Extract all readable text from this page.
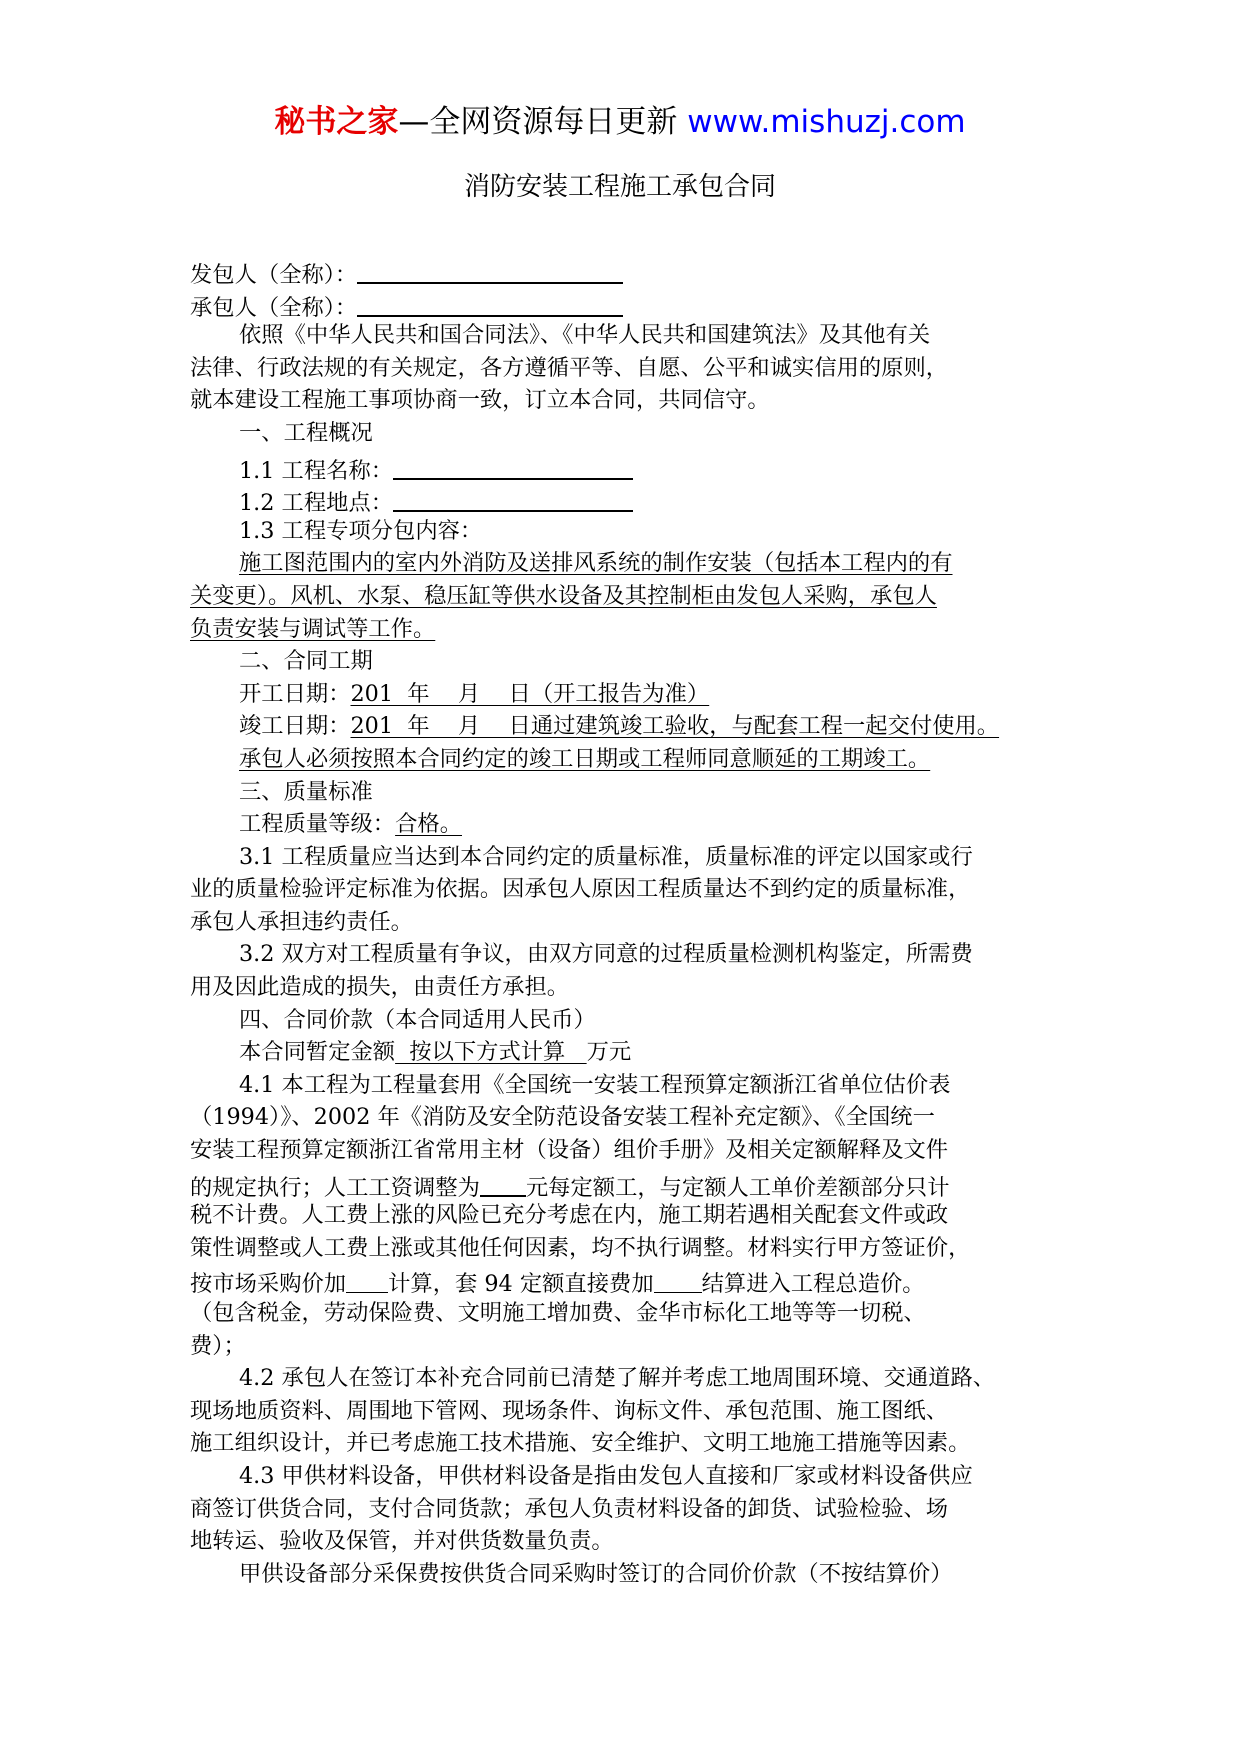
秘书之家—全网资源每日更新 www.mishuzj.com
消防安装工程施工承包合同
发包人（全称）：
承包人（全称）：
依照《中华人民共和国合同法》、《中华人民共和国建筑法》及其他有关
法律、行政法规的有关规定，各方遵循平等、自愿、公平和诚实信用的原则，
就本建设工程施工事项协商一致，订立本合同，共同信守。
一、工程概况
1.1 工程名称：
1.2 工程地点：
1.3 工程专项分包内容：
施工图范围内的室内外消防及送排风系统的制作安装（包括本工程内的有
关变更）。风机、水泵、稳压缸等供水设备及其控制柜由发包人采购，承包人
负责安装与调试等工作。
二、合同工期
开工日期：201  年    月    日（开工报告为准）
竣工日期：201  年    月    日通过建筑竣工验收，与配套工程一起交付使用。
承包人必须按照本合同约定的竣工日期或工程师同意顺延的工期竣工。
三、质量标准
工程质量等级：合格。
3.1 工程质量应当达到本合同约定的质量标准，质量标准的评定以国家或行
业的质量检验评定标准为依据。因承包人原因工程质量达不到约定的质量标准，
承包人承担违约责任。
3.2 双方对工程质量有争议，由双方同意的过程质量检测机构鉴定，所需费
用及因此造成的损失，由责任方承担。
四、合同价款（本合同适用人民币）
本合同暂定金额  按以下方式计算   万元
4.1 本工程为工程量套用《全国统一安装工程预算定额浙江省单位估价表
（1994）》、2002 年《消防及安全防范设备安装工程补充定额》、《全国统一
安装工程预算定额浙江省常用主材（设备）组价手册》及相关定额解释及文件
的规定执行；人工工资调整为 元每定额工，与定额人工单价差额部分只计
税不计费。人工费上涨的风险已充分考虑在内，施工期若遇相关配套文件或政
策性调整或人工费上涨或其他任何因素，均不执行调整。材料实行甲方签证价，
按市场采购价加 计算，套 94 定额直接费加 结算进入工程总造价。
（包含税金，劳动保险费、文明施工增加费、金华市标化工地等等一切税、
费）；
4.2 承包人在签订本补充合同前已清楚了解并考虑工地周围环境、交通道路、
现场地质资料、周围地下管网、现场条件、询标文件、承包范围、施工图纸、
施工组织设计，并已考虑施工技术措施、安全维护、文明工地施工措施等因素。
4.3 甲供材料设备，甲供材料设备是指由发包人直接和厂家或材料设备供应
商签订供货合同，支付合同货款；承包人负责材料设备的卸货、试验检验、场
地转运、验收及保管，并对供货数量负责。
甲供设备部分采保费按供货合同采购时签订的合同价价款（不按结算价）
